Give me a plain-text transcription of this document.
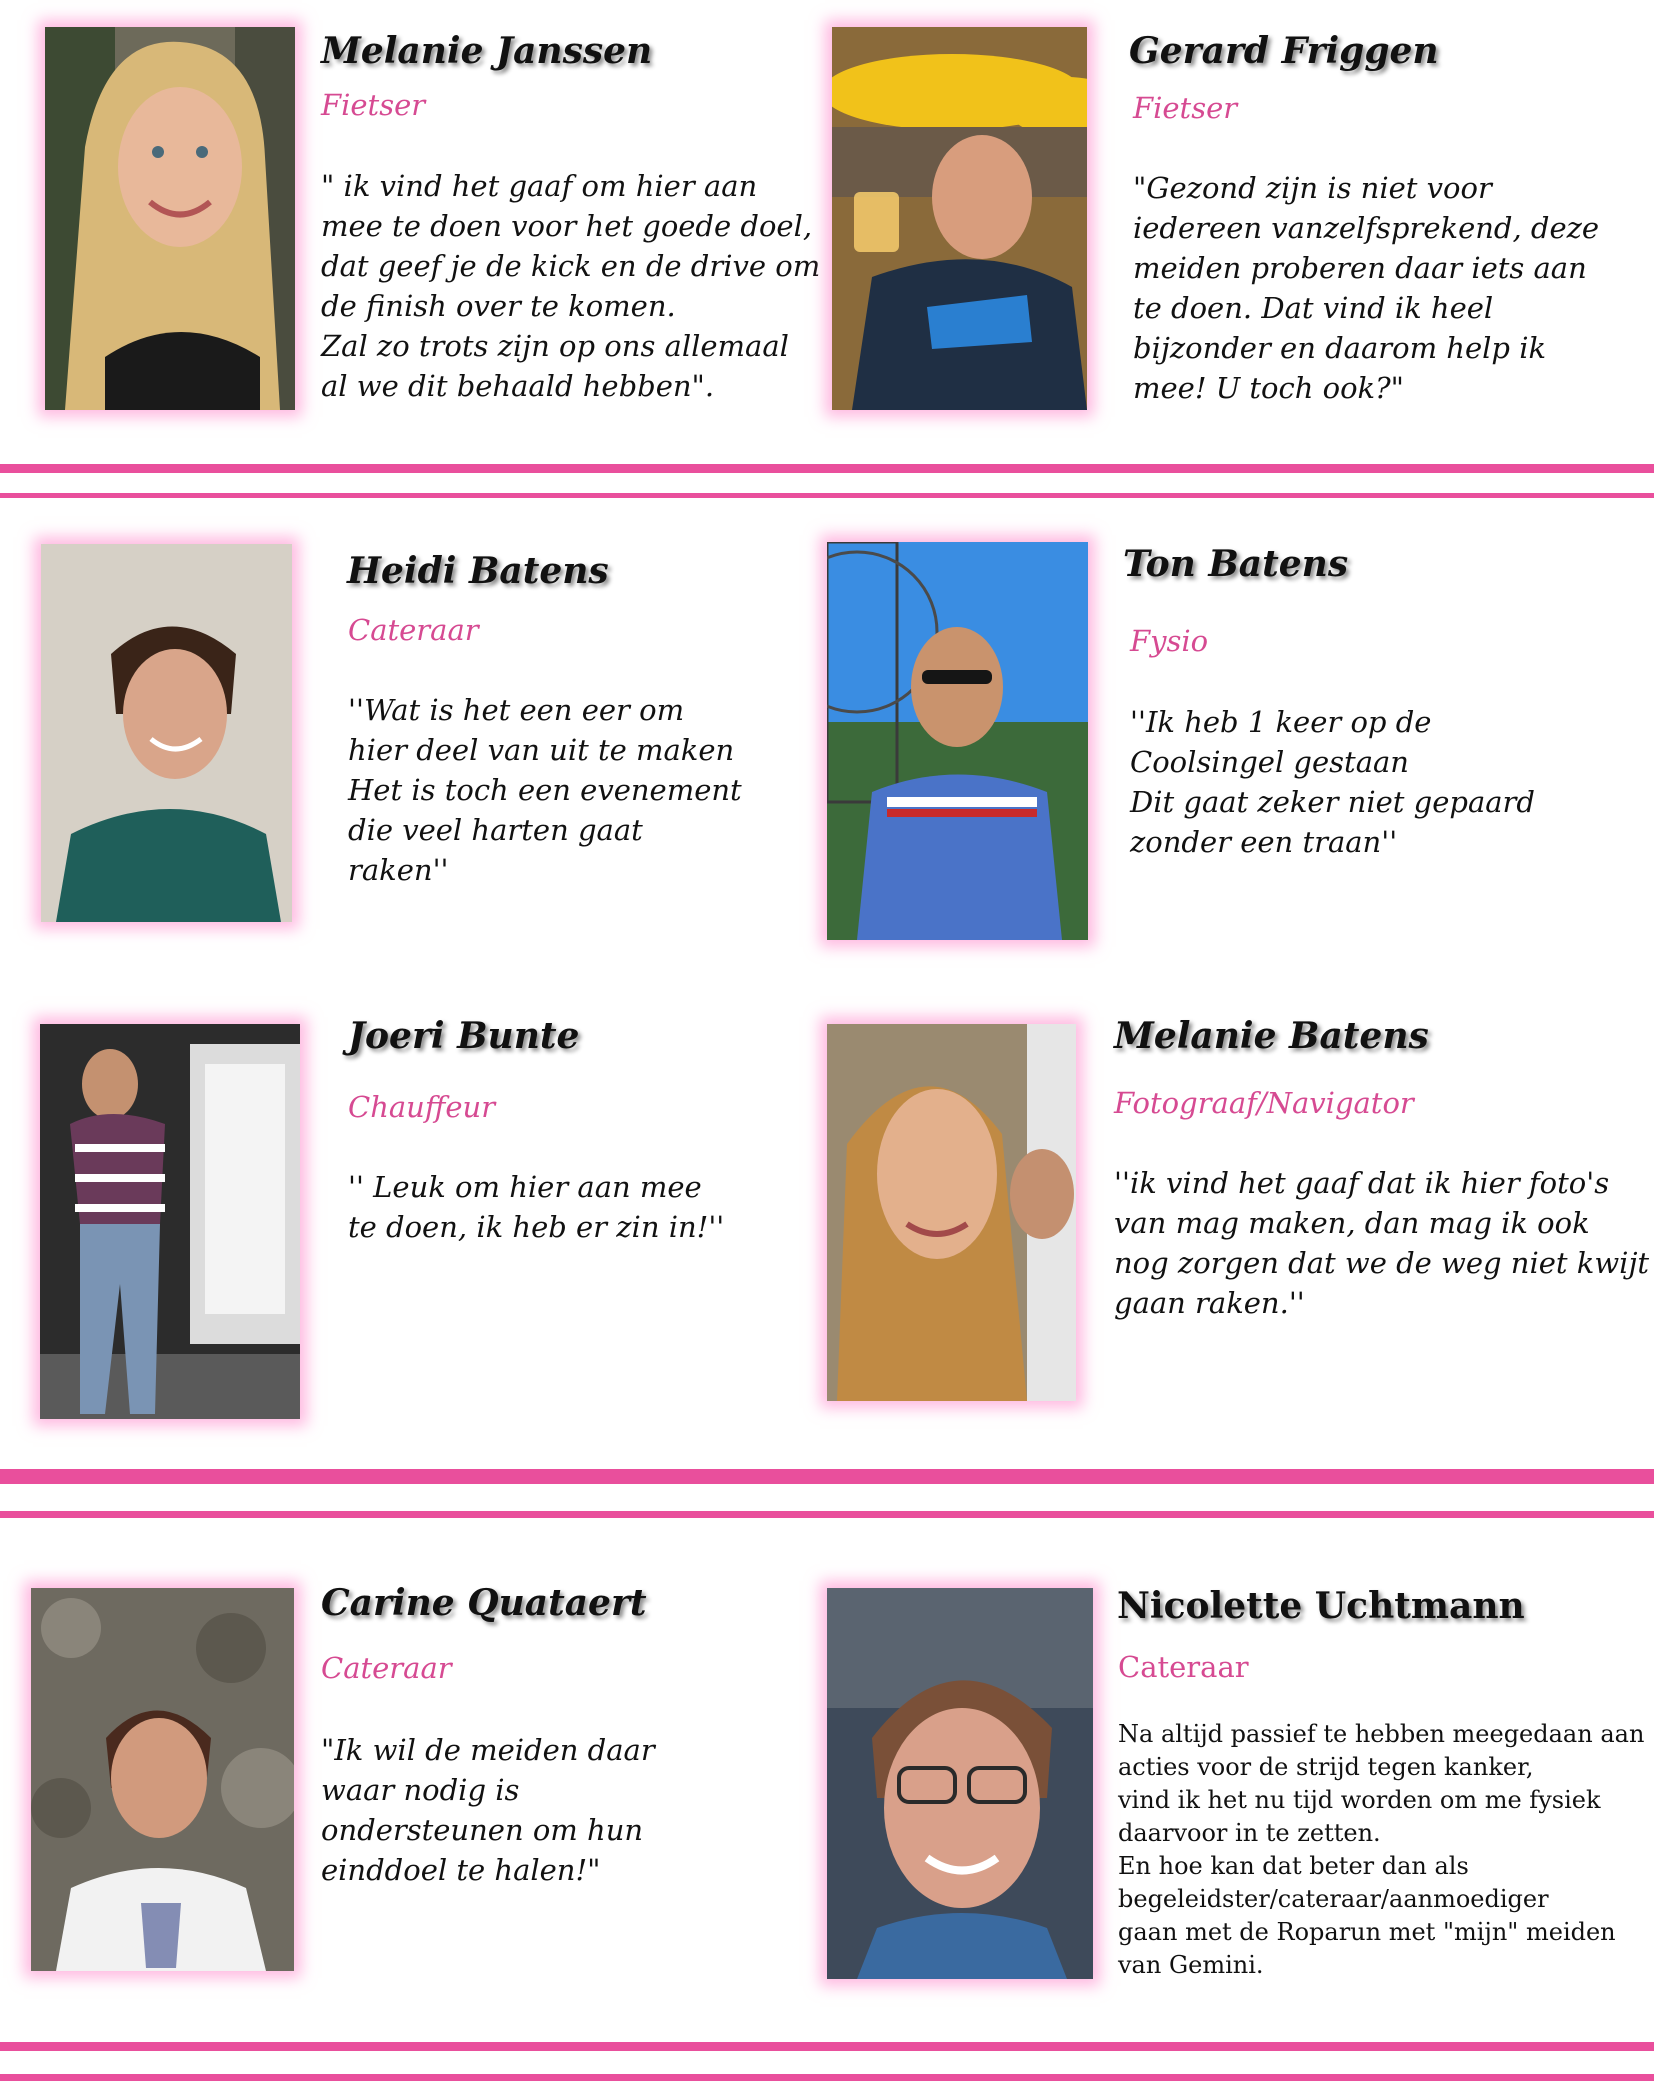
Melanie Janssen
Fietser
" ik vind het gaaf om hier aan
mee te doen voor het goede doel,
dat geef je de kick en de drive om
de finish over te komen.
Zal zo trots zijn op ons allemaal
al we dit behaald hebben".
Gerard Friggen
Fietser
"Gezond zijn is niet voor
iedereen vanzelfsprekend, deze
meiden proberen daar iets aan
te doen. Dat vind ik heel
bijzonder en daarom help ik
mee! U toch ook?"
Heidi Batens
Cateraar
''Wat is het een eer om
hier deel van uit te maken
Het is toch een evenement
die veel harten gaat
raken''
Ton Batens
Fysio
''Ik heb 1 keer op de
Coolsingel gestaan
Dit gaat zeker niet gepaard
zonder een traan''
Joeri Bunte
Chauffeur
'' Leuk om hier aan mee
te doen, ik heb er zin in!''
Melanie Batens
Fotograaf/Navigator
''ik vind het gaaf dat ik hier foto's
van mag maken, dan mag ik ook
nog zorgen dat we de weg niet kwijt
gaan raken.''
Carine Quataert
Cateraar
"Ik wil de meiden daar
waar nodig is
ondersteunen om hun
einddoel te halen!"
Nicolette Uchtmann
Cateraar
Na altijd passief te hebben meegedaan aan
acties voor de strijd tegen kanker,
vind ik het nu tijd worden om me fysiek
daarvoor in te zetten.
En hoe kan dat beter dan als
begeleidster/cateraar/aanmoediger
gaan met de Roparun met "mijn" meiden
van Gemini.
